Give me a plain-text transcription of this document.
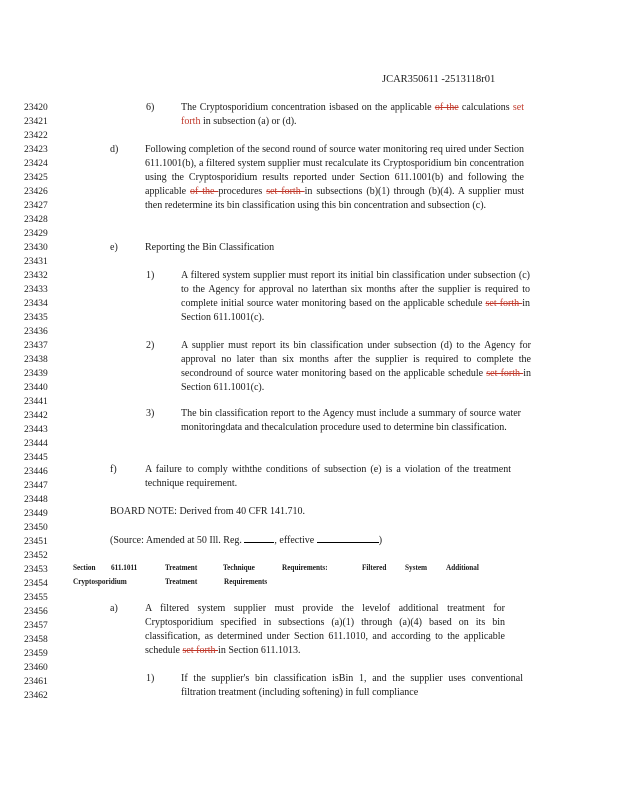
JCAR350611 -2513118r01
23420
23421
23422
23423
23424
23425
23426
23427
23428
23429
23430
23431
23432
23433
23434
23435
23436
23437
23438
23439
23440
23441
23442
23443
23444
23445
23446
23447
23448
23449
23450
23451
23452
23453
23454
23455
23456
23457
23458
23459
23460
23461
23462
6)	The Cryptosporidium concentration isbased on the applicable of the calculations set forth in subsection (a) or (d).
d)	Following completion of the second round of source water monitoring req uired under Section 611.1001(b), a filtered system supplier must recalculate its Cryptosporidium bin concentration using the Cryptosporidium results reported under Section 611.1001(b) and following the applicable of the procedures set forth in subsections (b)(1) through (b)(4). A supplier must then redetermine its bin classification using this bin concentration and subsection (c).
e)	Reporting the Bin Classification
1)	A filtered system supplier must report its initial bin classification under subsection (c) to the Agency for approval no laterthan six months after the supplier is required to complete initial source water monitoring based on the applicable schedule set forth in Section 611.1001(c).
2)	A supplier must report its bin classification under subsection (d) to the Agency for approval no later than six months after the supplier is required to complete the secondround of source water monitoring based on the applicable schedule set forth in Section 611.1001(c).
3)	The bin classification report to the Agency must include a summary of source water monitoringdata and thecalculation procedure used to determine bin classification.
f)	A failure to comply withthe conditions of subsection (e) is a violation of the treatment technique requirement.
BOARD NOTE: Derived from 40 CFR 141.710.
(Source: Amended at 50 Ill. Reg.	, effective	)
Section 611.1011	Treatment	Technique	Requirements:	Filtered System Additional
Cryptosporidium	Treatment	Requirements
a)	A filtered system supplier must provide the levelof additional treatment for Cryptosporidium specified in subsections (a)(1) through (a)(4) based on its bin classification, as determined under Section 611.1010, and according to the applicable schedule set forth in Section 611.1013.
1)	If the supplier's bin classification isBin 1, and the supplier uses conventional filtration treatment (including softening) in full compliance
